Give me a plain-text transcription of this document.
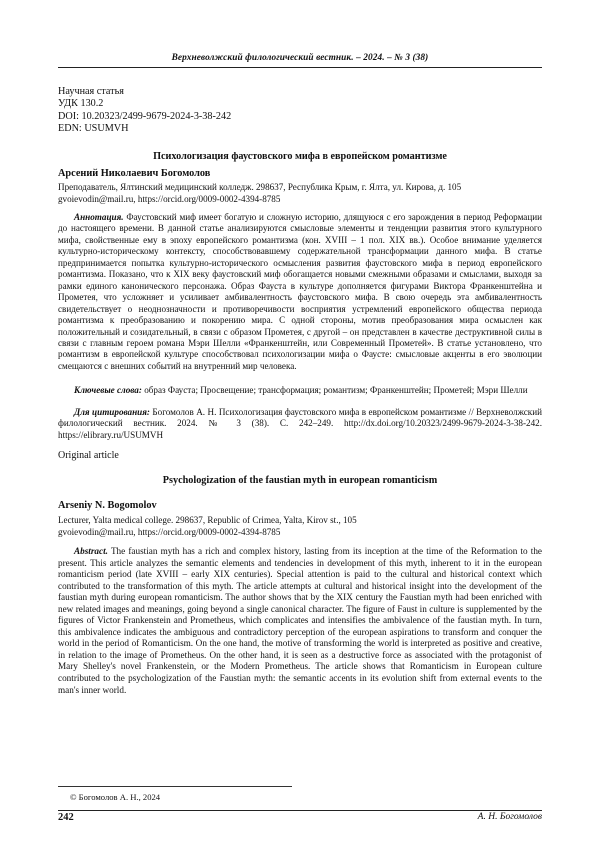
Верхневолжский филологический вестник. – 2024. – № 3 (38)
Научная статья
УДК 130.2
DOI: 10.20323/2499-9679-2024-3-38-242
EDN: USUMVH
Психологизация фаустовского мифа в европейском романтизме
Арсений Николаевич Богомолов
Преподаватель, Ялтинский медицинский колледж. 298637, Республика Крым, г. Ялта, ул. Кирова, д. 105
gvoievodin@mail.ru, https://orcid.org/0009-0002-4394-8785

Аннотация. Фаустовский миф имеет богатую и сложную историю, длящуюся с его зарождения в период Реформации до настоящего времени. В данной статье анализируются смысловые элементы и тенденции развития этого культурного мифа, свойственные ему в эпоху европейского романтизма (кон. XVIII – 1 пол. XIX вв.). Особое внимание уделяется культурно-историческому контексту, способствовавшему содержательной трансформации данного мифа. В статье предпринимается попытка культурно-исторического осмысления развития фаустовского мифа в период европейского романтизма. Показано, что к XIX веку фаустовский миф обогащается новыми смежными образами и смыслами, выходя за рамки единого канонического персонажа. Образ Фауста в культуре дополняется фигурами Виктора Франкенштейна и Прометея, что усложняет и усиливает амбивалентность фаустовского мифа. В свою очередь эта амбивалентность свидетельствует о неоднозначности и противоречивости восприятия устремлений европейского общества периода романтизма к преобразованию и покорению мира. С одной стороны, мотив преобразования мира осмыслен как положительный и созидательный, в связи с образом Прометея, с другой – он представлен в качестве деструктивной силы в связи с главным героем романа Мэри Шелли «Франкенштейн, или Современный Прометей». В статье установлено, что романтизм в европейской культуре способствовал психологизации мифа о Фаусте: смысловые акценты в его эволюции смещаются с внешних событий на внутренний мир человека.

Ключевые слова: образ Фауста; Просвещение; трансформация; романтизм; Франкенштейн; Прометей; Мэри Шелли

Для цитирования: Богомолов А. Н. Психологизация фаустовского мифа в европейском романтизме // Верхневолжский филологический вестник. 2024. № 3 (38). С. 242–249. http://dx.doi.org/10.20323/2499-9679-2024-3-38-242. https://elibrary.ru/USUMVH

Original article
Psychologization of the faustian myth in european romanticism
Arseniy N. Bogomolov
Lecturer, Yalta medical college. 298637, Republic of Crimea, Yalta, Kirov st., 105
gvoievodin@mail.ru, https://orcid.org/0009-0002-4394-8785

Abstract. The faustian myth has a rich and complex history, lasting from its inception at the time of the Reformation to the present. This article analyzes the semantic elements and tendencies in development of this myth, inherent to it in the european romanticism period (late XVIII – early XIX centuries). Special attention is paid to the cultural and historical context which contributed to the transformation of this myth. The article attempts at cultural and historical insight into the development of the faustian myth during european romanticism. The author shows that by the XIX century the Faustian myth had been enriched with new related images and meanings, going beyond a single canonical character. The figure of Faust in culture is supplemented by the figures of Victor Frankenstein and Prometheus, which complicates and intensifies the ambivalence of the faustian myth. In turn, this ambivalence indicates the ambiguous and contradictory perception of the european aspirations to transform and conquer the world in the period of Romanticism. On the one hand, the motive of transforming the world is interpreted as positive and creative, in relation to the image of Prometheus. On the other hand, it is seen as a destructive force as associated with the protagonist of Mary Shelley's novel Frankenstein, or the Modern Prometheus. The article shows that Romanticism in European culture contributed to the psychologization of the Faustian myth: the semantic accents in its evolution shift from external events to the man's inner world.

© Богомолов А. Н., 2024
242	А. Н. Богомолов
